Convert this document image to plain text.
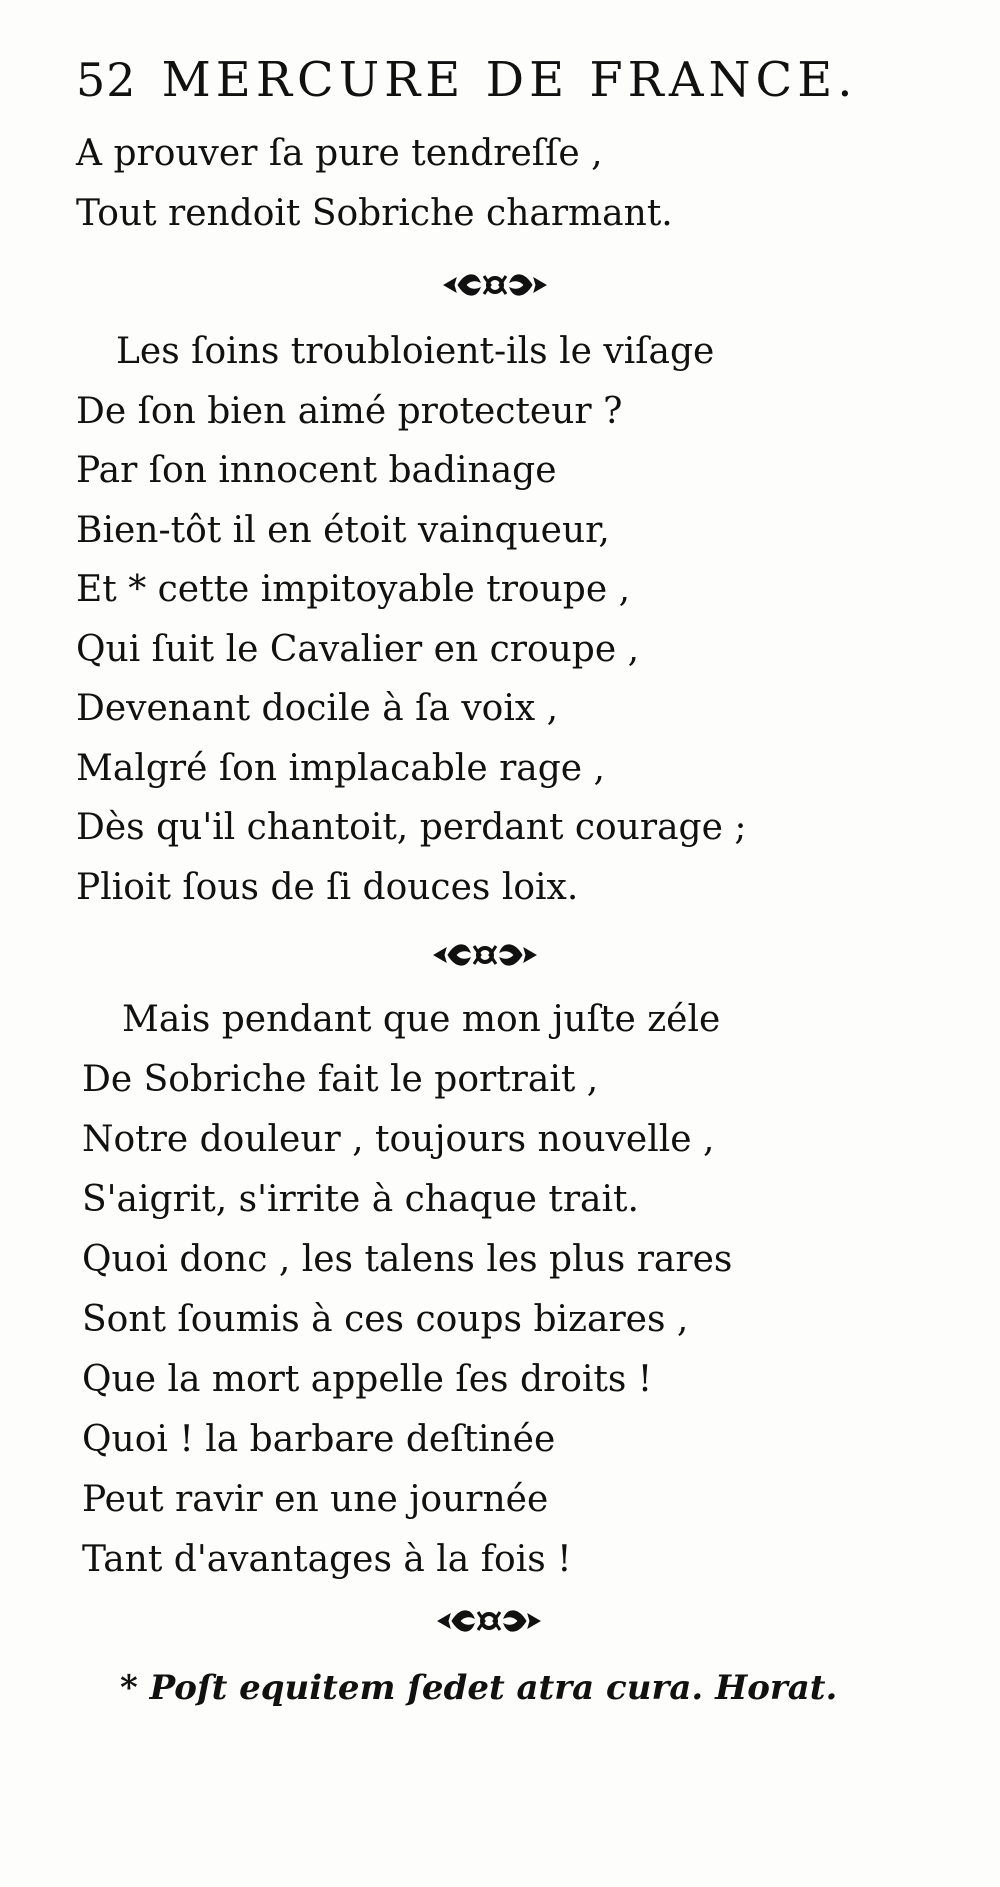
52 MERCURE DE FRANCE.
A prouver ſa pure tendreſſe ,
Tout rendoit Sobriche charmant.
Les ſoins troubloient-ils le viſage
De ſon bien aimé protecteur ?
Par ſon innocent badinage
Bien-tôt il en étoit vainqueur,
Et * cette impitoyable troupe ,
Qui ſuit le Cavalier en croupe ,
Devenant docile à ſa voix ,
Malgré ſon implacable rage ,
Dès qu'il chantoit, perdant courage ;
Plioit ſous de ſi douces loix.
Mais pendant que mon juſte zéle
De Sobriche fait le portrait ,
Notre douleur , toujours nouvelle ,
S'aigrit, s'irrite à chaque trait.
Quoi donc , les talens les plus rares
Sont ſoumis à ces coups bizares ,
Que la mort appelle ſes droits !
Quoi ! la barbare deſtinée
Peut ravir en une journée
Tant d'avantages à la fois !
* Poſt equitem ſedet atra cura. Horat.
